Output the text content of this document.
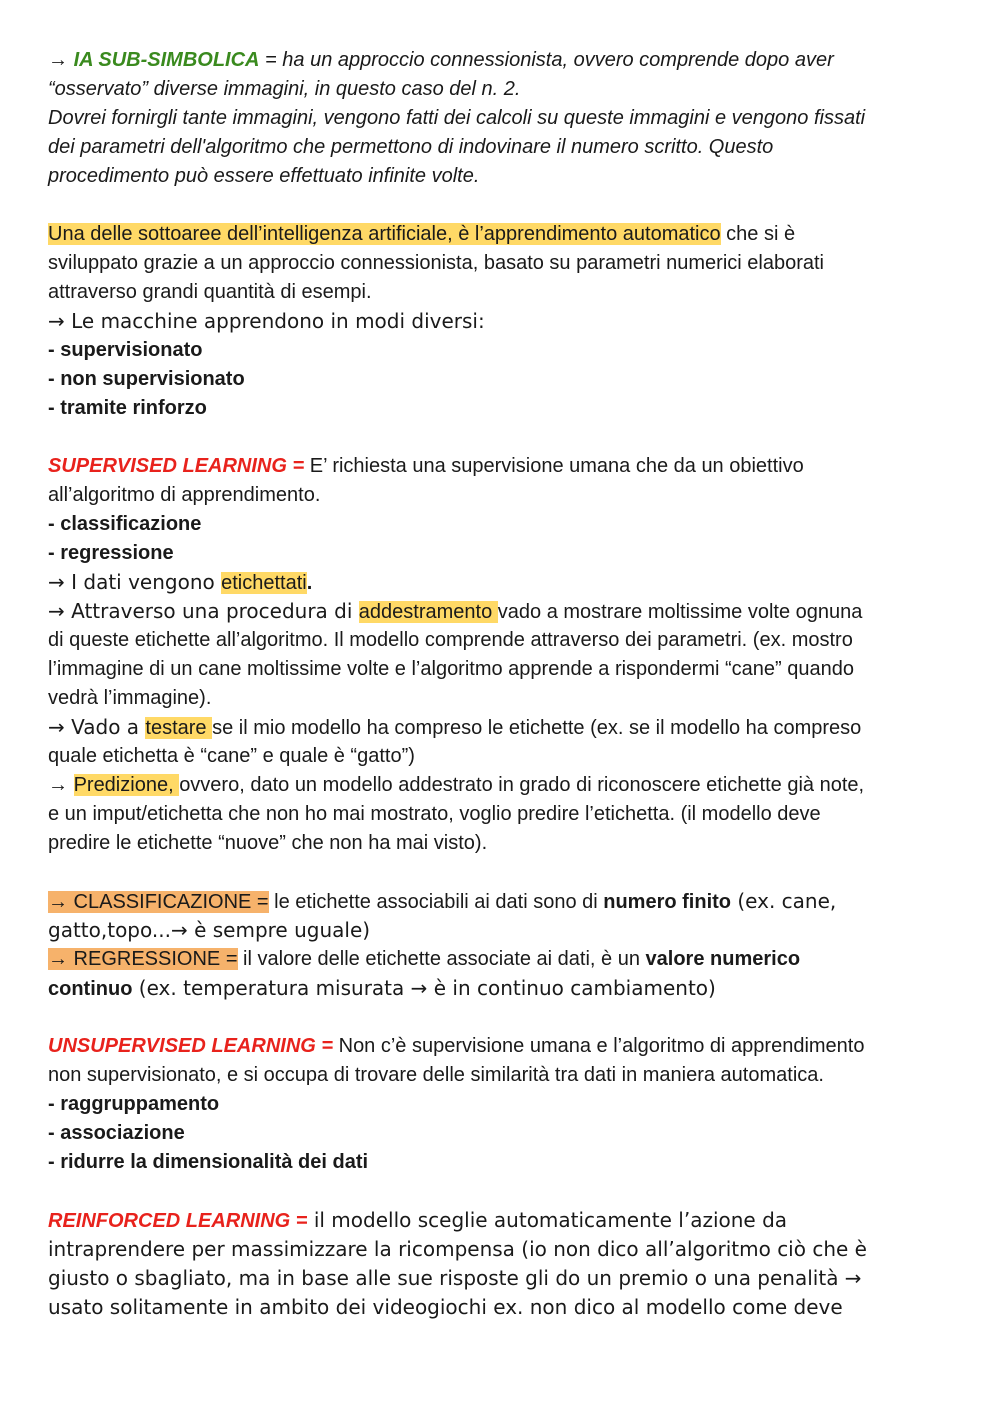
→ IA SUB-SIMBOLICA = ha un approccio connessionista, ovvero comprende dopo aver
“osservato” diverse immagini, in questo caso del n. 2.
Dovrei fornirgli tante immagini, vengono fatti dei calcoli su queste immagini e vengono fissati
dei parametri dell'algoritmo che permettono di indovinare il numero scritto. Questo
procedimento può essere effettuato infinite volte.
Una delle sottoaree dell’intelligenza artificiale, è l’apprendimento automatico che si è
sviluppato grazie a un approccio connessionista, basato su parametri numerici elaborati
attraverso grandi quantità di esempi.
→ Le macchine apprendono in modi diversi:
- supervisionato
- non supervisionato
- tramite rinforzo
SUPERVISED LEARNING = E’ richiesta una supervisione umana che da un obiettivo
all’algoritmo di apprendimento.
- classificazione
- regressione
→ I dati vengono etichettati.
→ Attraverso una procedura di addestramento vado a mostrare moltissime volte ognuna
di queste etichette all’algoritmo. Il modello comprende attraverso dei parametri. (ex. mostro
l’immagine di un cane moltissime volte e l’algoritmo apprende a rispondermi “cane” quando
vedrà l’immagine).
→ Vado a testare se il mio modello ha compreso le etichette (ex. se il modello ha compreso
quale etichetta è “cane” e quale è “gatto”)
→ Predizione, ovvero, dato un modello addestrato in grado di riconoscere etichette già note,
e un imput/etichetta che non ho mai mostrato, voglio predire l’etichetta. (il modello deve
predire le etichette “nuove” che non ha mai visto).
→ CLASSIFICAZIONE = le etichette associabili ai dati sono di numero finito (ex. cane,
gatto,topo...→ è sempre uguale)
→ REGRESSIONE = il valore delle etichette associate ai dati, è un valore numerico
continuo (ex. temperatura misurata → è in continuo cambiamento)
UNSUPERVISED LEARNING = Non c’è supervisione umana e l’algoritmo di apprendimento
non supervisionato, e si occupa di trovare delle similarità tra dati in maniera automatica.
- raggruppamento
- associazione
- ridurre la dimensionalità dei dati
REINFORCED LEARNING = il modello sceglie automaticamente l’azione da
intraprendere per massimizzare la ricompensa (io non dico all’algoritmo ciò che è
giusto o sbagliato, ma in base alle sue risposte gli do un premio o una penalità →
usato solitamente in ambito dei videogiochi ex. non dico al modello come deve
